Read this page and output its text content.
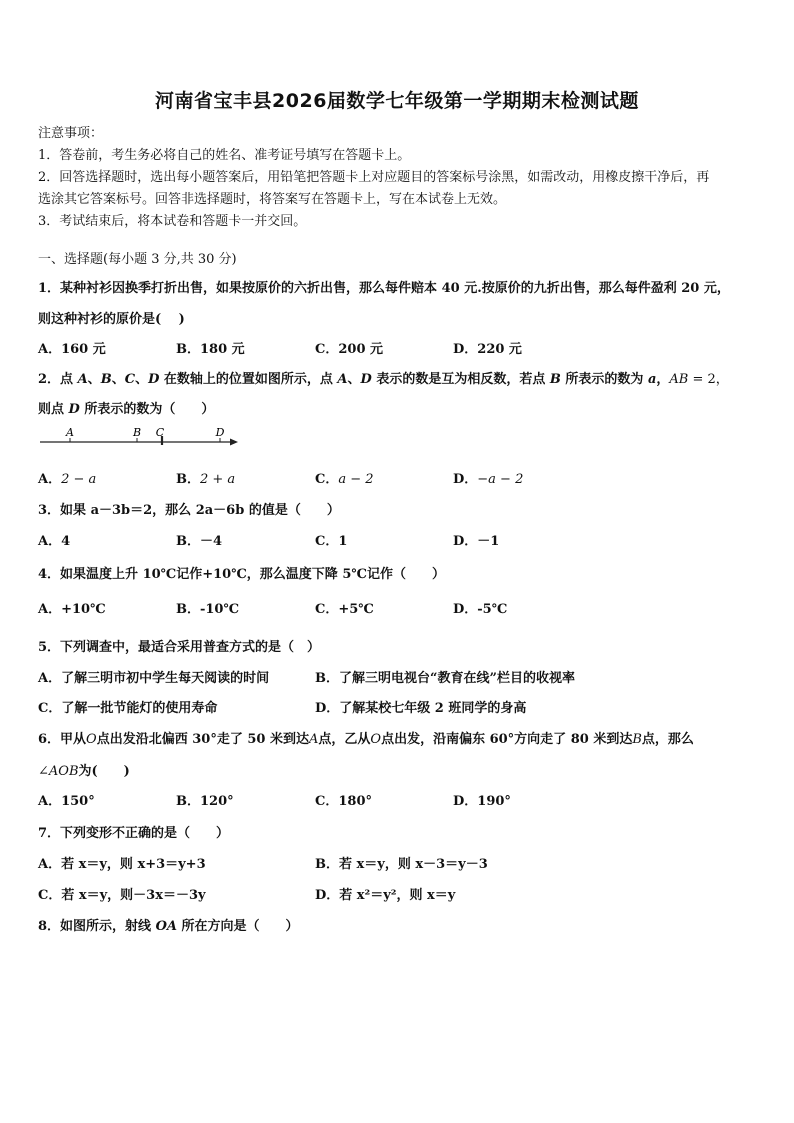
河南省宝丰县2026届数学七年级第一学期期末检测试题
注意事项：
1．答卷前，考生务必将自己的姓名、准考证号填写在答题卡上。
2．回答选择题时，选出每小题答案后，用铅笔把答题卡上对应题目的答案标号涂黑，如需改动，用橡皮擦干净后，再
选涂其它答案标号。回答非选择题时，将答案写在答题卡上，写在本试卷上无效。
3．考试结束后，将本试卷和答题卡一并交回。
一、选择题(每小题 3 分,共 30 分)
1．某种衬衫因换季打折出售，如果按原价的六折出售，那么每件赔本 40 元.按原价的九折出售，那么每件盈利 20 元，
则这种衬衫的原价是(　 )
A．160 元	B．180 元	C．200 元	D．220 元
2．点 A、B、C、D 在数轴上的位置如图所示，点 A、D 表示的数是互为相反数，若点 B 所表示的数为 a，AB = 2，
则点 D 所表示的数为（　　）
A	B C	D
A．2 − a	B．2 + a	C．a − 2	D．−a − 2
3．如果 a－3b＝2，那么 2a－6b 的值是（　　）
A．4	B．－4	C．1	D．－1
4．如果温度上升 10℃记作+10℃，那么温度下降 5℃记作（　　）
A．+10℃	B．-10℃	C．+5℃	D．-5℃
5．下列调查中，最适合采用普查方式的是（　）
A．了解三明市初中学生每天阅读的时间	B．了解三明电视台“教育在线”栏目的收视率
C．了解一批节能灯的使用寿命	D．了解某校七年级 2 班同学的身高
6．甲从O点出发沿北偏西 30°走了 50 米到达A点，乙从O点出发，沿南偏东 60°方向走了 80 米到达B点，那么
∠AOB为(　　)
A．150°	B．120°	C．180°	D．190°
7．下列变形不正确的是（　　）
A．若 x＝y，则 x+3＝y+3	B．若 x＝y，则 x－3＝y－3
C．若 x＝y，则－3x＝－3y	D．若 x²＝y²，则 x＝y
8．如图所示，射线 OA 所在方向是（　　）
